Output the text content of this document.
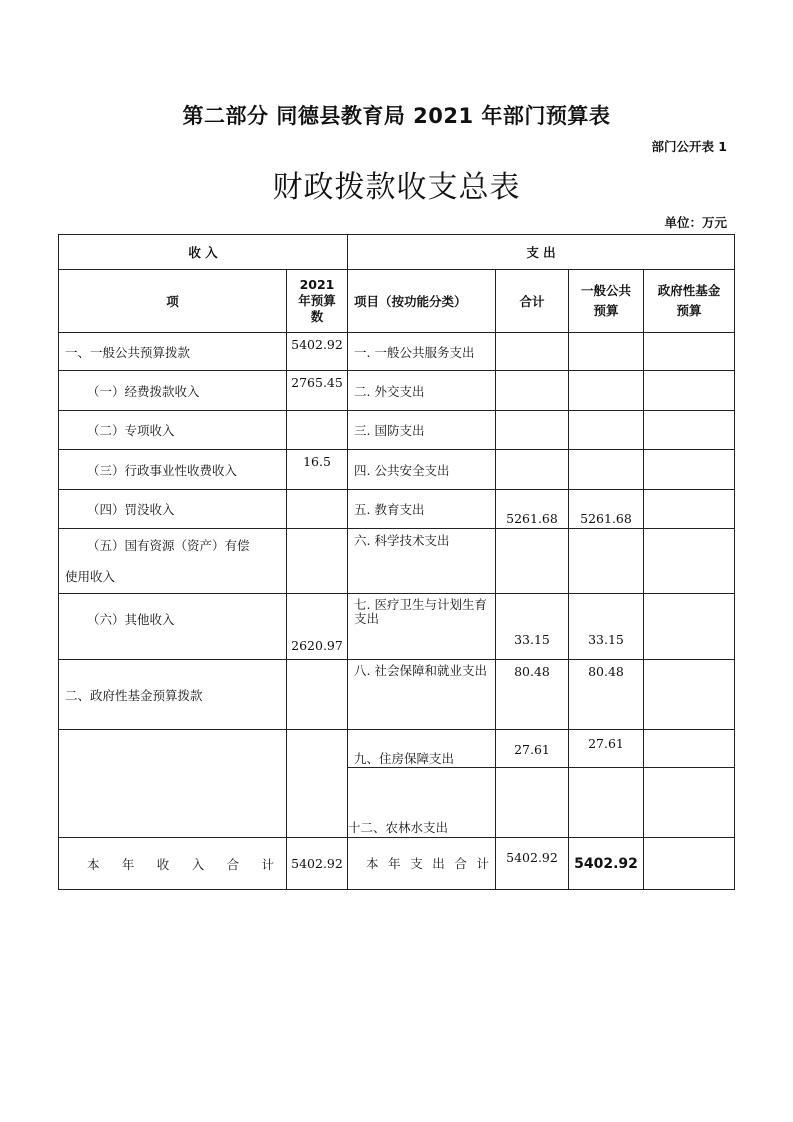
第二部分 同德县教育局 2021 年部门预算表
部门公开表 1
财政拨款收支总表
单位：万元
收 入		支 出			
项	2021 年预算数	项目（按功能分类）	合计	一般公共预算	政府性基金预算
一、一般公共预算拨款	5402.92	一. 一般公共服务支出			
（一）经费拨款收入	2765.45	二. 外交支出			
（二）专项收入		三. 国防支出			
（三）行政事业性收费收入	16.5	四. 公共安全支出			
（四）罚没收入		五. 教育支出	5261.68	5261.68	

（五）国有资源（资产）有偿
使用收入		六. 科学技术支出			
（六）其他收入	2620.97	七. 医疗卫生与计划生育支出	33.15	33.15	
二、政府性基金预算拨款		八. 社会保障和就业支出	80.48	80.48	
		九、住房保障支出	27.61	27.61	
		十二、农林水支出			
本 年 收 入 合 计	5402.92	本 年 支 出 合 计	5402.92	5402.92	
